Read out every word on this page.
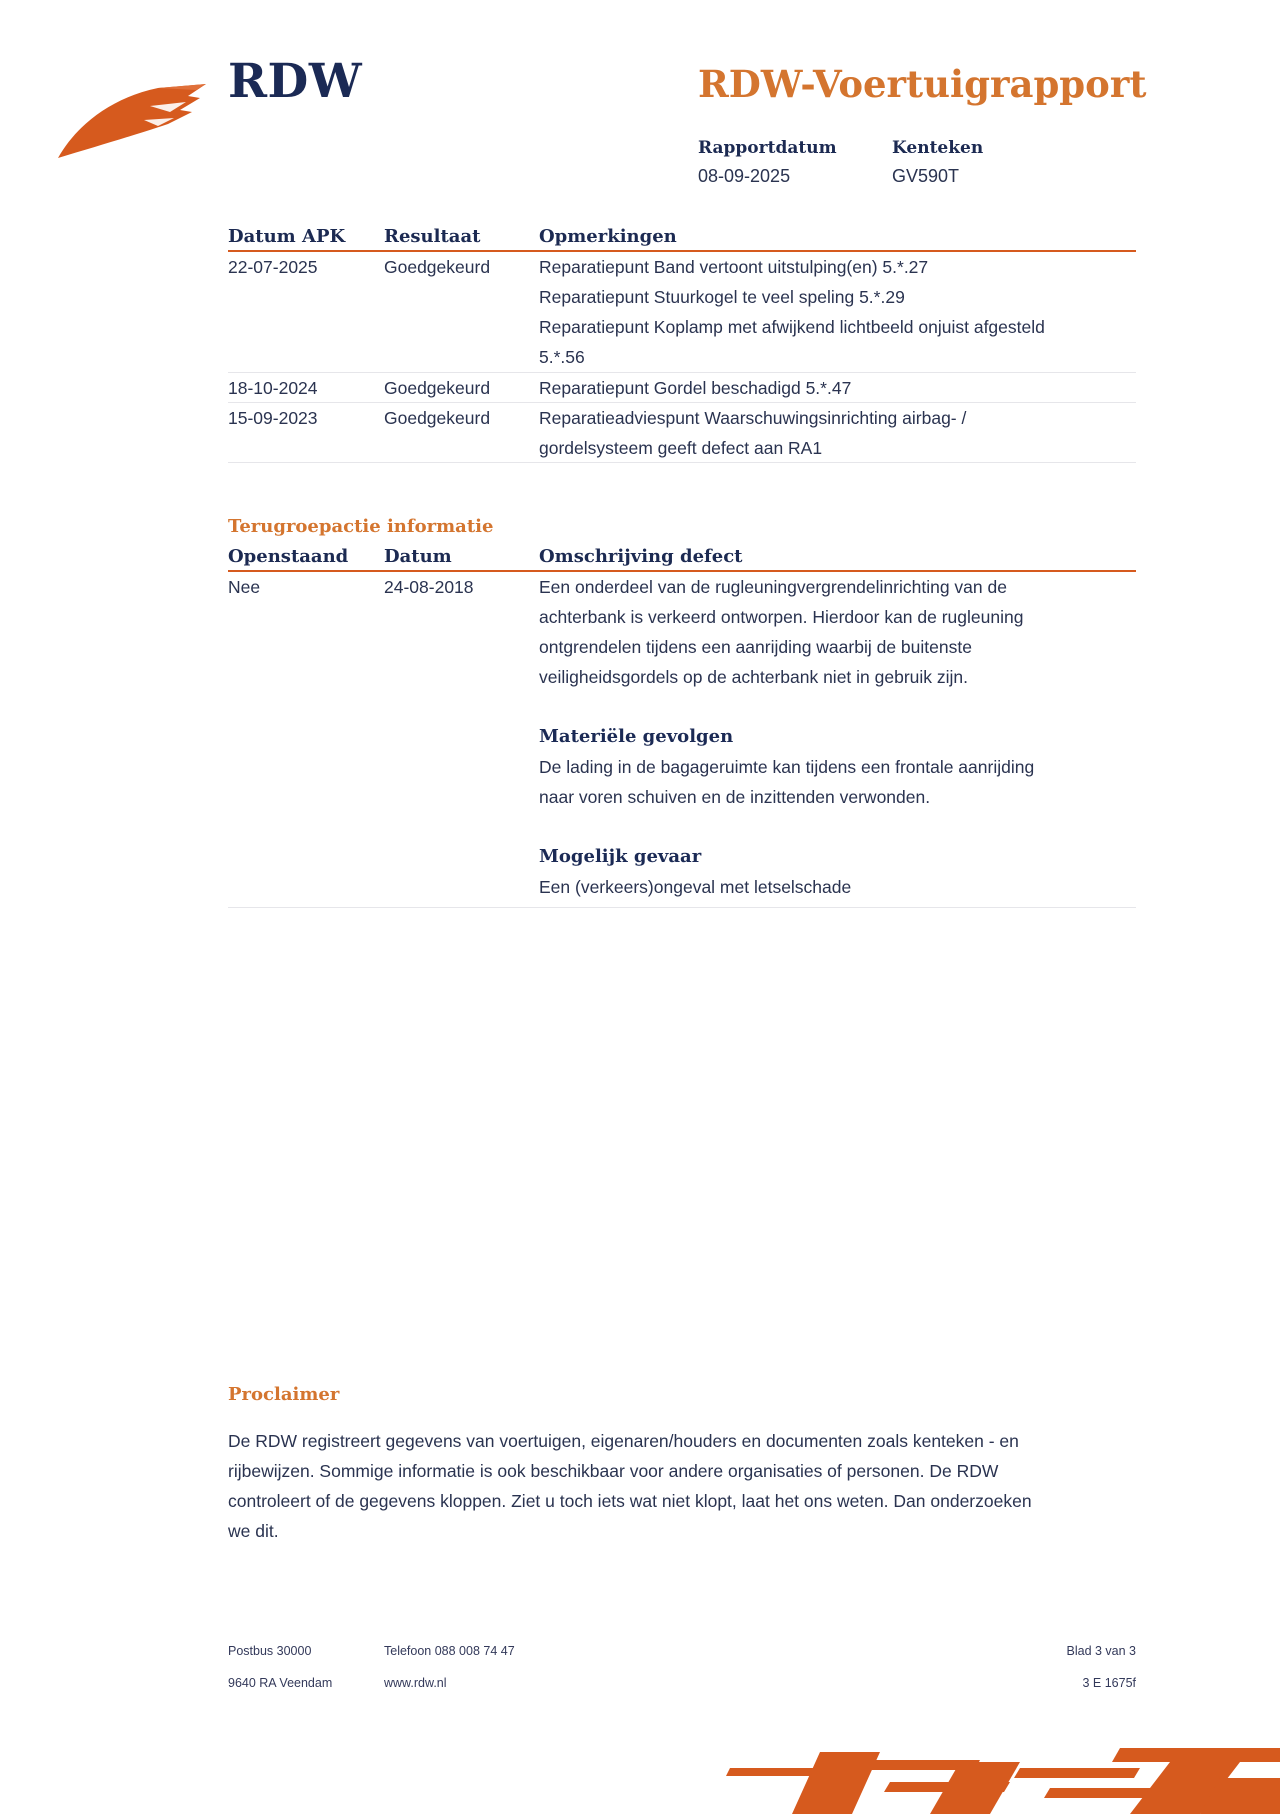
RDW	RDW-Voertuigrapport
Rapportdatum	Kenteken
08-09-2025	GV590T
Datum APK Resultaat	Opmerkingen
22-07-2025	Goedgekeurd	Reparatiepunt Band vertoont uitstulping(en) 5.*.27
Reparatiepunt Stuurkogel te veel speling 5.*.29
Reparatiepunt Koplamp met afwijkend lichtbeeld onjuist afgesteld
5.*.56
18-10-2024	Goedgekeurd	Reparatiepunt Gordel beschadigd 5.*.47
15-09-2023	Goedgekeurd	Reparatieadviespunt Waarschuwingsinrichting airbag- /
gordelsysteem geeft defect aan RA1
Terugroepactie informatie
Openstaand Datum	Omschrijving defect
Nee	24-08-2018	Een onderdeel van de rugleuningvergrendelinrichting van de
achterbank is verkeerd ontworpen. Hierdoor kan de rugleuning
ontgrendelen tijdens een aanrijding waarbij de buitenste
veiligheidsgordels op de achterbank niet in gebruik zijn.

Materiële gevolgen
De lading in de bagageruimte kan tijdens een frontale aanrijding
naar voren schuiven en de inzittenden verwonden.

Mogelijk gevaar
Een (verkeers)ongeval met letselschade
Proclaimer
De RDW registreert gegevens van voertuigen, eigenaren/houders en documenten zoals kenteken - en
rijbewijzen. Sommige informatie is ook beschikbaar voor andere organisaties of personen. De RDW
controleert of de gegevens kloppen. Ziet u toch iets wat niet klopt, laat het ons weten. Dan onderzoeken
we dit.
Postbus 30000
9640 RA Veendam
Telefoon 088 008 74 47
www.rdw.nl
Blad 3 van 3
3 E 1675f
